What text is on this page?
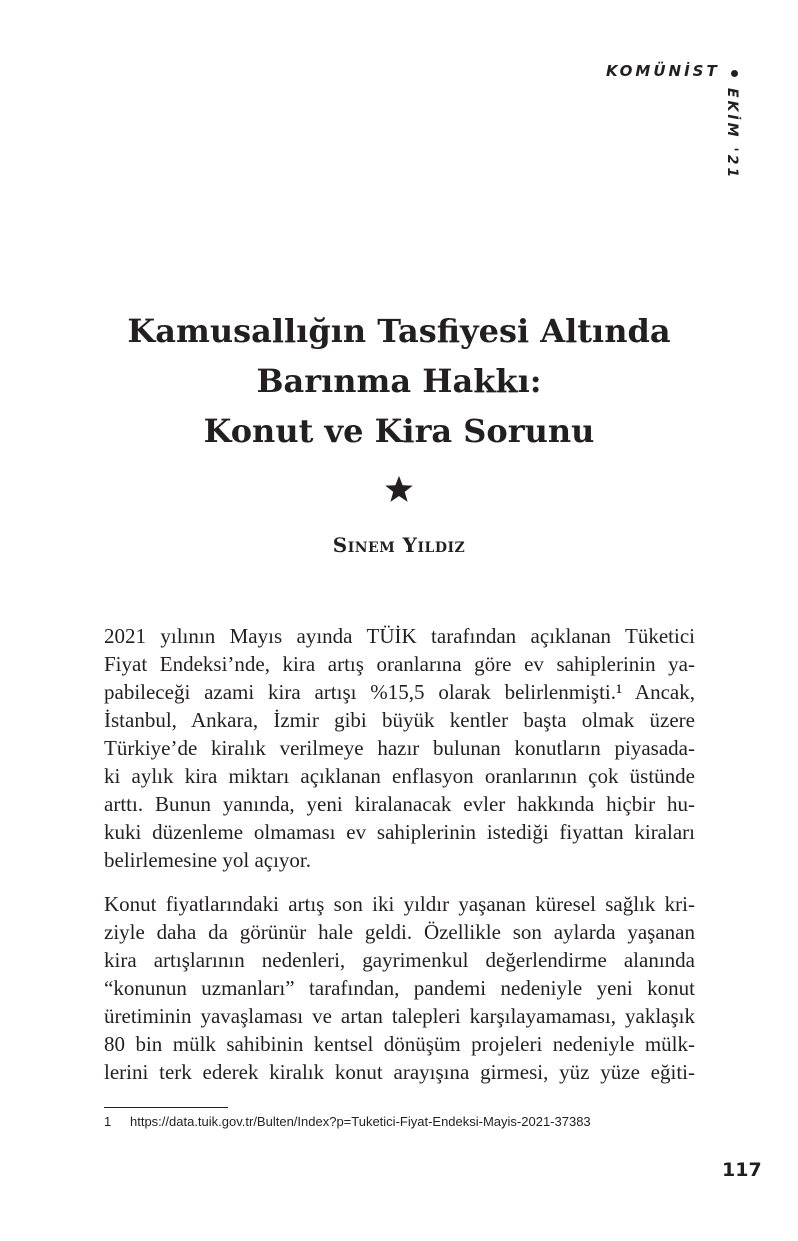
KOMÜNİST
EKİM '21
Kamusallığın Tasfiyesi Altında
Barınma Hakkı:
Konut ve Kira Sorunu
Sinem Yıldız
2021 yılının Mayıs ayında TÜİK tarafından açıklanan Tüketici
Fiyat Endeksi’nde, kira artış oranlarına göre ev sahiplerinin ya-
pabileceği azami kira artışı %15,5 olarak belirlenmişti.¹ Ancak,
İstanbul, Ankara, İzmir gibi büyük kentler başta olmak üzere
Türkiye’de kiralık verilmeye hazır bulunan konutların piyasada-
ki aylık kira miktarı açıklanan enflasyon oranlarının çok üstünde
arttı. Bunun yanında, yeni kiralanacak evler hakkında hiçbir hu-
kuki düzenleme olmaması ev sahiplerinin istediği fiyattan kiraları
belirlemesine yol açıyor.
Konut fiyatlarındaki artış son iki yıldır yaşanan küresel sağlık kri-
ziyle daha da görünür hale geldi. Özellikle son aylarda yaşanan
kira artışlarının nedenleri, gayrimenkul değerlendirme alanında
“konunun uzmanları” tarafından, pandemi nedeniyle yeni konut
üretiminin yavaşlaması ve artan talepleri karşılayamaması, yaklaşık
80 bin mülk sahibinin kentsel dönüşüm projeleri nedeniyle mülk-
lerini terk ederek kiralık konut arayışına girmesi, yüz yüze eğiti-
1 https://data.tuik.gov.tr/Bulten/Index?p=Tuketici-Fiyat-Endeksi-Mayis-2021-37383
117
